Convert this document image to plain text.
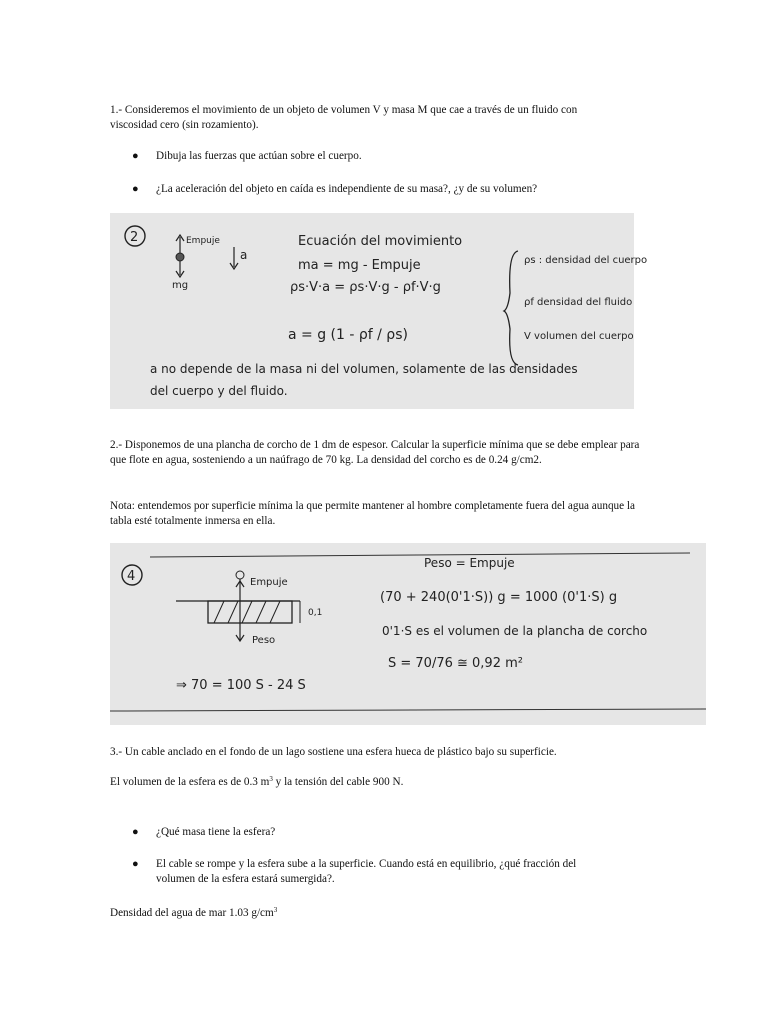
1.- Consideremos el movimiento de un objeto de volumen V y masa M que cae a través de un fluido con viscosidad cero (sin rozamiento).
●	Dibuja las fuerzas que actúan sobre el cuerpo.
●	¿La aceleración del objeto en caída es independiente de su masa?, ¿y de su volumen?
2	Empuje
mg
a
Ecuación del movimiento
ma = mg - Empuje
ρs·V·a = ρs·V·g - ρf·V·g
a = g (1 - ρf / ρs)
ρs : densidad del cuerpo
ρf densidad del fluido
V volumen del cuerpo
a no depende de la masa ni del volumen, solamente de las densidades
del cuerpo y del fluido.
2.- Disponemos de una plancha de corcho de 1 dm de espesor. Calcular la superficie mínima que se debe emplear para que flote en agua, sosteniendo a un naúfrago de 70 kg. La densidad del corcho es de 0.24 g/cm2.
Nota: entendemos por superficie mínima la que permite mantener al hombre completamente fuera del agua aunque la tabla esté totalmente inmersa en ella.
4	Empuje
Peso
0,1
Peso = Empuje
(70 + 240(0'1·S)) g = 1000 (0'1·S) g
0'1·S es el volumen de la plancha de corcho
S = 70/76 ≅ 0,92 m²
⇒ 70 = 100 S - 24 S
3.- Un cable anclado en el fondo de un lago sostiene una esfera hueca de plástico bajo su superficie.
El volumen de la esfera es de 0.3 $m^3$ y la tensión del cable 900 N.
●	¿Qué masa tiene la esfera?
●	El cable se rompe y la esfera sube a la superficie. Cuando está en equilibrio, ¿qué fracción del volumen de la esfera estará sumergida?.
Densidad del agua de mar 1.03 $g/cm^3$
